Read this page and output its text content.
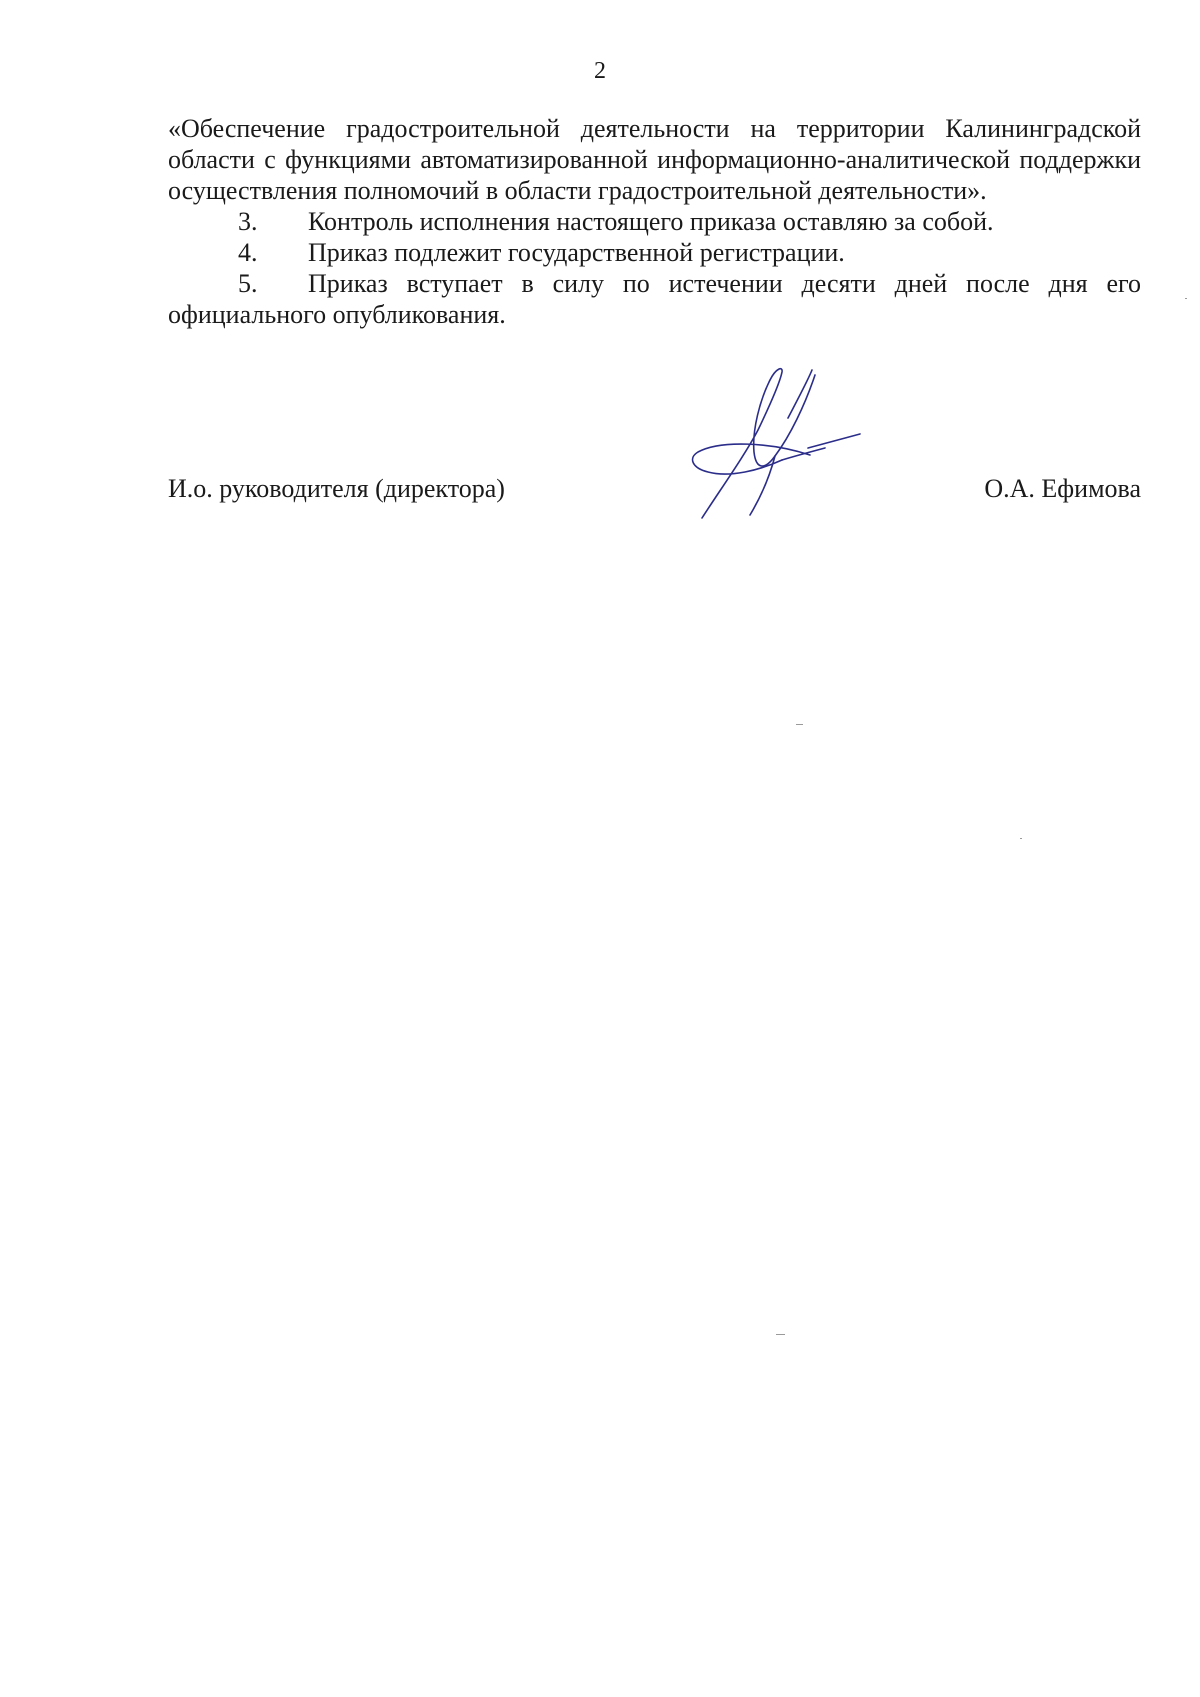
2

«Обеспечение градостроительной деятельности на территории Калининградской области с функциями автоматизированной информационно-аналитической поддержки осуществления полномочий в области градостроительной деятельности».

3. Контроль исполнения настоящего приказа оставляю за собой.

4. Приказ подлежит государственной регистрации.

5. Приказ вступает в силу по истечении десяти дней после дня его официального опубликования.

И.о. руководителя (директора)	О.А. Ефимова
